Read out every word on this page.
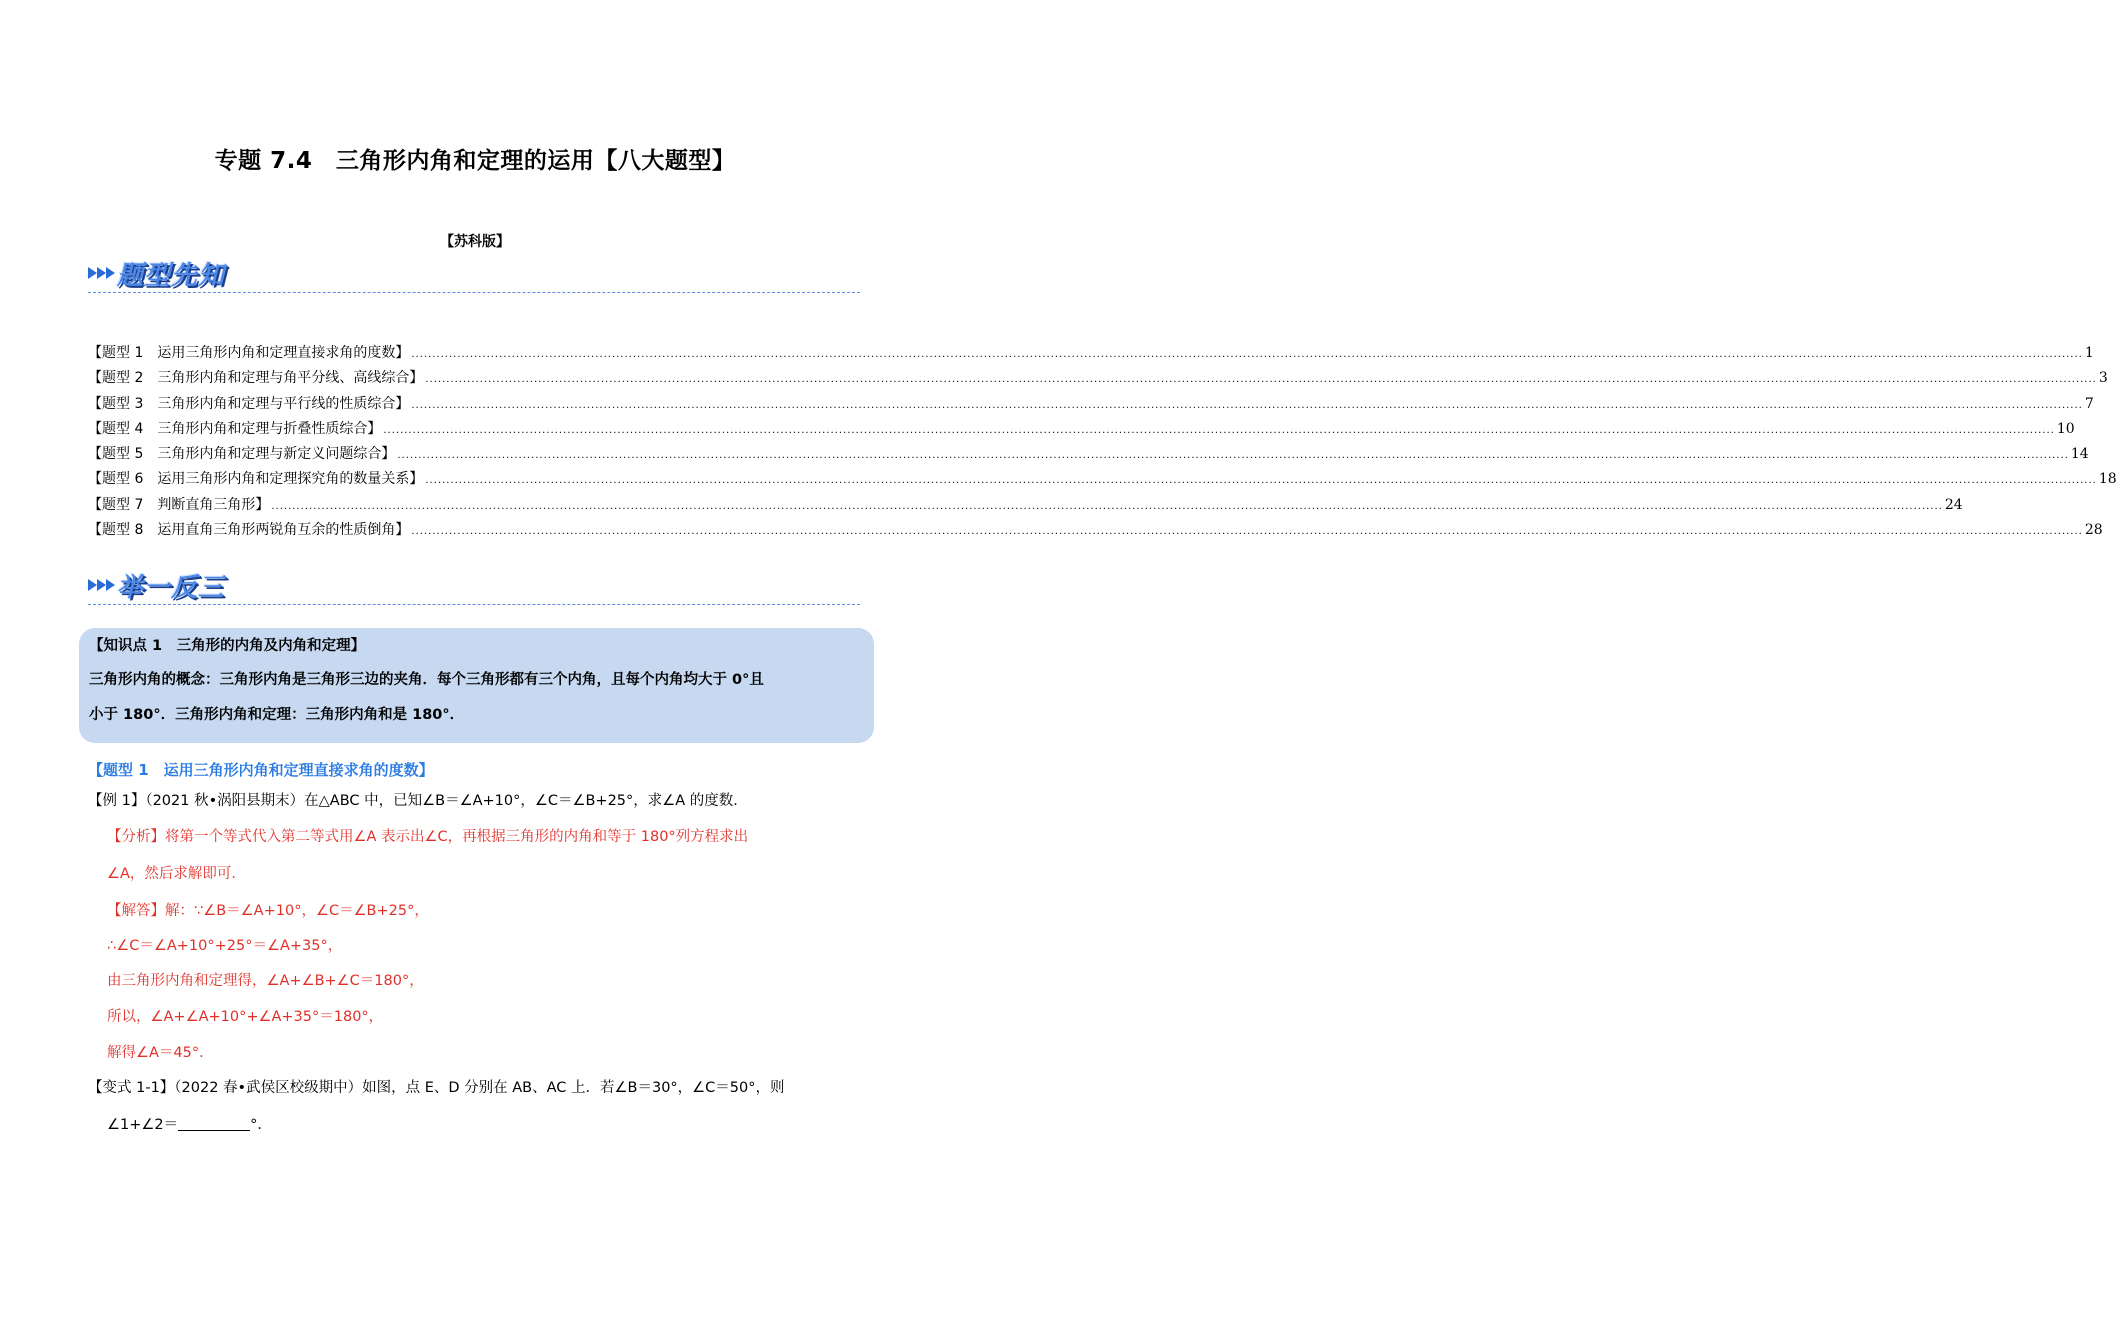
专题 7.4　三角形内角和定理的运用【八大题型】
【苏科版】
题型先知
【题型 1　运用三角形内角和定理直接求角的度数】 ................................................................................................................................................................................................................................................................................................................................................................................................................ 1
【题型 2　三角形内角和定理与角平分线、高线综合】 ................................................................................................................................................................................................................................................................................................................................................................................................................ 3
【题型 3　三角形内角和定理与平行线的性质综合】 ................................................................................................................................................................................................................................................................................................................................................................................................................ 7
【题型 4　三角形内角和定理与折叠性质综合】 ................................................................................................................................................................................................................................................................................................................................................................................................................ 10
【题型 5　三角形内角和定理与新定义问题综合】 ................................................................................................................................................................................................................................................................................................................................................................................................................ 14
【题型 6　运用三角形内角和定理探究角的数量关系】 ................................................................................................................................................................................................................................................................................................................................................................................................................ 18
【题型 7　判断直角三角形】 ................................................................................................................................................................................................................................................................................................................................................................................................................ 24
【题型 8　运用直角三角形两锐角互余的性质倒角】 ................................................................................................................................................................................................................................................................................................................................................................................................................ 28
举一反三
【知识点 1　三角形的内角及内角和定理】
三角形内角的概念：三角形内角是三角形三边的夹角．每个三角形都有三个内角，且每个内角均大于 0°且
小于 180°．三角形内角和定理：三角形内角和是 180°．
【题型 1　运用三角形内角和定理直接求角的度数】
【例 1】（2021 秋•涡阳县期末）在△ABC 中，已知∠B＝∠A+10°，∠C＝∠B+25°，求∠A 的度数．
【分析】将第一个等式代入第二等式用∠A 表示出∠C，再根据三角形的内角和等于 180°列方程求出
∠A，然后求解即可．
【解答】解：∵∠B＝∠A+10°，∠C＝∠B+25°，
∴∠C＝∠A+10°+25°＝∠A+35°，
由三角形内角和定理得，∠A+∠B+∠C＝180°，
所以，∠A+∠A+10°+∠A+35°＝180°，
解得∠A＝45°．
【变式 1-1】（2022 春•武侯区校级期中）如图，点 E、D 分别在 AB、AC 上．若∠B＝30°，∠C＝50°，则
∠1+∠2＝	°．
